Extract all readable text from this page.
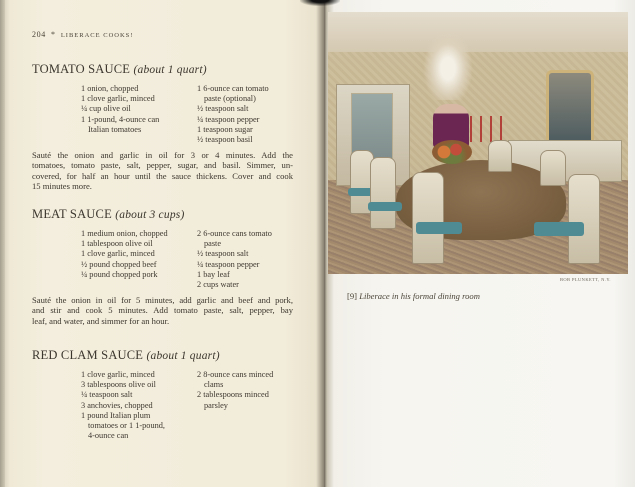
204 * LIBERACE COOKS!
TOMATO SAUCE (about 1 quart)
1 onion, chopped
1 clove garlic, minced
¼ cup olive oil
1 1-pound, 4-ounce can
Italian tomatoes
1 6-ounce can tomato
paste (optional)
½ teaspoon salt
¼ teaspoon pepper
1 teaspoon sugar
½ teaspoon basil
Sauté the onion and garlic in oil for 3 or 4 minutes. Add the
tomatoes, tomato paste, salt, pepper, sugar, and basil. Simmer, un-
covered, for half an hour until the sauce thickens. Cover and cook
15 minutes more.
MEAT SAUCE (about 3 cups)
1 medium onion, chopped
1 tablespoon olive oil
1 clove garlic, minced
½ pound chopped beef
¼ pound chopped pork
2 6-ounce cans tomato
paste
½ teaspoon salt
¼ teaspoon pepper
1 bay leaf
2 cups water
Sauté the onion in oil for 5 minutes, add garlic and beef and pork,
and stir and cook 5 minutes. Add tomato paste, salt, pepper, bay
leaf, and water, and simmer for an hour.
RED CLAM SAUCE (about 1 quart)
1 clove garlic, minced
3 tablespoons olive oil
¼ teaspoon salt
3 anchovies, chopped
1 pound Italian plum
tomatoes or 1 1-pound,
4-ounce can
2 8-ounce cans minced
clams
2 tablespoons minced
parsley
BOB PLUNKETT, N.Y.
[9] Liberace in his formal dining room
